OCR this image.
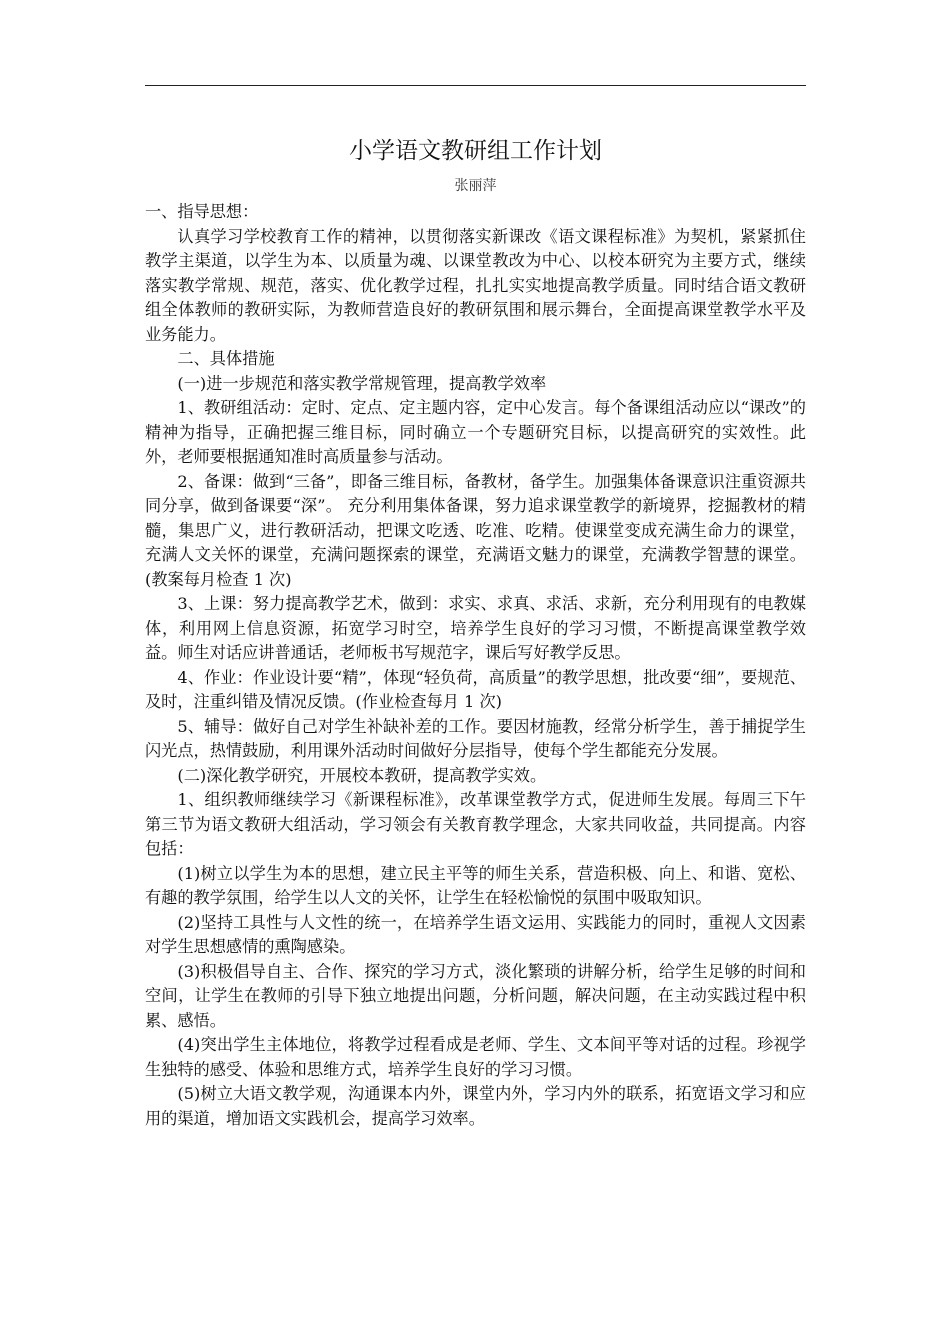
小学语文教研组工作计划
张丽萍

一、指导思想：

认真学习学校教育工作的精神，以贯彻落实新课改《语文课程标准》为契机，紧紧抓住教学主渠道，以学生为本、以质量为魂、以课堂教改为中心、以校本研究为主要方式，继续落实教学常规、规范，落实、优化教学过程，扎扎实实地提高教学质量。同时结合语文教研组全体教师的教研实际，为教师营造良好的教研氛围和展示舞台，全面提高课堂教学水平及业务能力。

二、具体措施

(一)进一步规范和落实教学常规管理，提高教学效率

1、教研组活动：定时、定点、定主题内容，定中心发言。每个备课组活动应以“课改”的精神为指导，正确把握三维目标，同时确立一个专题研究目标，以提高研究的实效性。此外，老师要根据通知准时高质量参与活动。

2、备课：做到“三备”，即备三维目标，备教材，备学生。加强集体备课意识注重资源共同分享，做到备课要“深”。 充分利用集体备课，努力追求课堂教学的新境界，挖掘教材的精髓，集思广义，进行教研活动，把课文吃透、吃准、吃精。使课堂变成充满生命力的课堂，充满人文关怀的课堂，充满问题探索的课堂，充满语文魅力的课堂，充满教学智慧的课堂。(教案每月检查 1 次)

3、上课：努力提高教学艺术，做到：求实、求真、求活、求新，充分利用现有的电教媒体，利用网上信息资源，拓宽学习时空，培养学生良好的学习习惯，不断提高课堂教学效益。师生对话应讲普通话，老师板书写规范字，课后写好教学反思。

4、作业：作业设计要“精”，体现“轻负荷，高质量”的教学思想，批改要“细”，要规范、及时，注重纠错及情况反馈。(作业检查每月 1 次)

5、辅导：做好自己对学生补缺补差的工作。要因材施教，经常分析学生，善于捕捉学生闪光点，热情鼓励，利用课外活动时间做好分层指导，使每个学生都能充分发展。

(二)深化教学研究，开展校本教研，提高教学实效。

1、组织教师继续学习《新课程标准》，改革课堂教学方式，促进师生发展。每周三下午第三节为语文教研大组活动，学习领会有关教育教学理念，大家共同收益，共同提高。内容包括：

(1)树立以学生为本的思想，建立民主平等的师生关系，营造积极、向上、和谐、宽松、有趣的教学氛围，给学生以人文的关怀，让学生在轻松愉悦的氛围中吸取知识。

(2)坚持工具性与人文性的统一，在培养学生语文运用、实践能力的同时，重视人文因素对学生思想感情的熏陶感染。

(3)积极倡导自主、合作、探究的学习方式，淡化繁琐的讲解分析，给学生足够的时间和空间，让学生在教师的引导下独立地提出问题，分析问题，解决问题，在主动实践过程中积累、感悟。

(4)突出学生主体地位，将教学过程看成是老师、学生、文本间平等对话的过程。珍视学生独特的感受、体验和思维方式，培养学生良好的学习习惯。

(5)树立大语文教学观，沟通课本内外，课堂内外，学习内外的联系，拓宽语文学习和应用的渠道，增加语文实践机会，提高学习效率。
